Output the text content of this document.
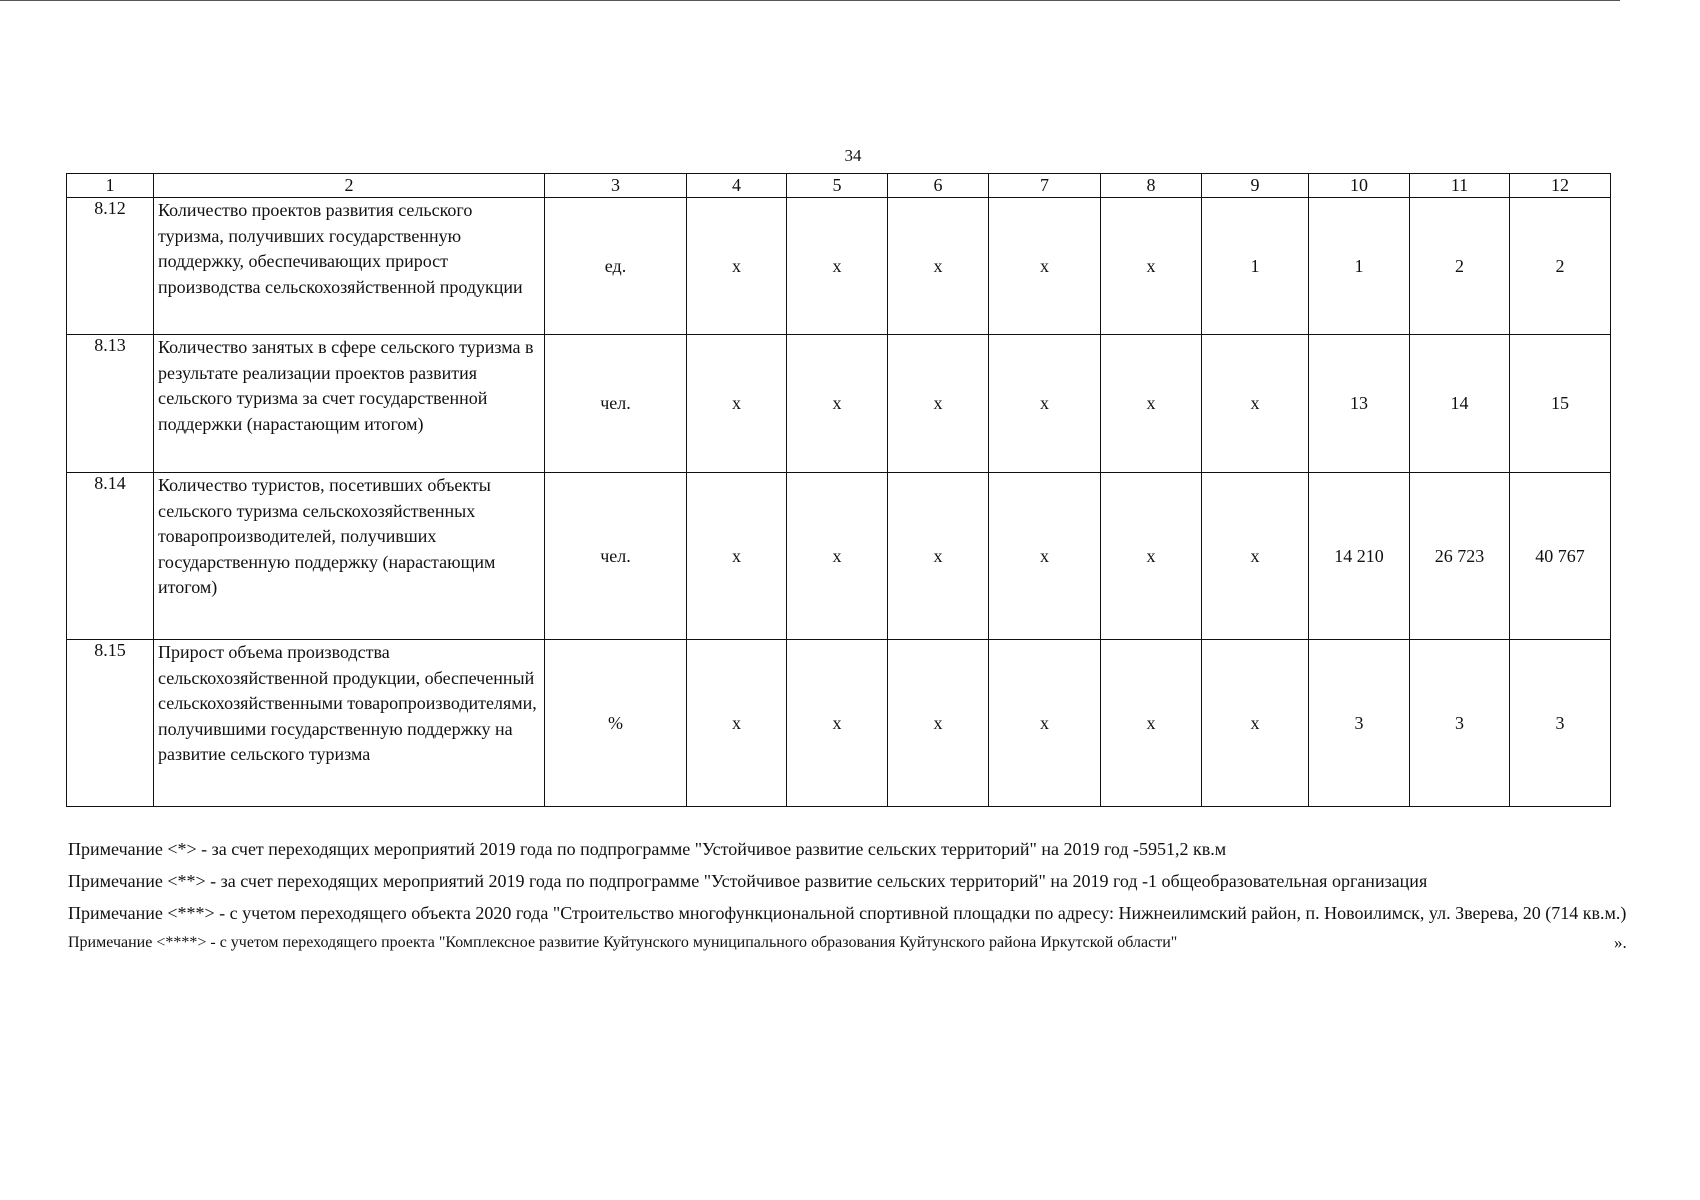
34
1	2	3	4	5	6	7	8	9	10	11	12
8.12	Количество проектов развития сельского туризма, получивших государственную поддержку, обеспечивающих прирост производства сельскохозяйственной продукции	ед.	х	х	х	х	х	1	1	2	2
8.13	Количество занятых в сфере сельского туризма в результате реализации проектов развития сельского туризма за счет государственной поддержки (нарастающим итогом)	чел.	х	х	х	х	х	х	13	14	15
8.14	Количество туристов, посетивших объекты сельского туризма сельскохозяйственных товаропроизводителей, получивших государственную поддержку (нарастающим итогом)	чел.	х	х	х	х	х	х	14 210	26 723	40 767
8.15	Прирост объема производства сельскохозяйственной продукции, обеспеченный сельскохозяйственными товаропроизводителями, получившими государственную поддержку на развитие сельского туризма	%	х	х	х	х	х	х	3	3	3

Примечание <*> - за счет переходящих мероприятий 2019 года по подпрограмме "Устойчивое развитие сельских территорий" на 2019 год -5951,2 кв.м

Примечание <**> - за счет переходящих мероприятий 2019 года по подпрограмме "Устойчивое развитие сельских территорий" на 2019 год -1 общеобразовательная организация

Примечание <***> - с учетом переходящего объекта 2020 года "Строительство многофункциональной спортивной площадки по адресу: Нижнеилимский район, п. Новоилимск, ул. Зверева, 20 (714 кв.м.)

Примечание <****> - с учетом переходящего проекта "Комплексное развитие Куйтунского муниципального образования Куйтунского района Иркутской области"	».
